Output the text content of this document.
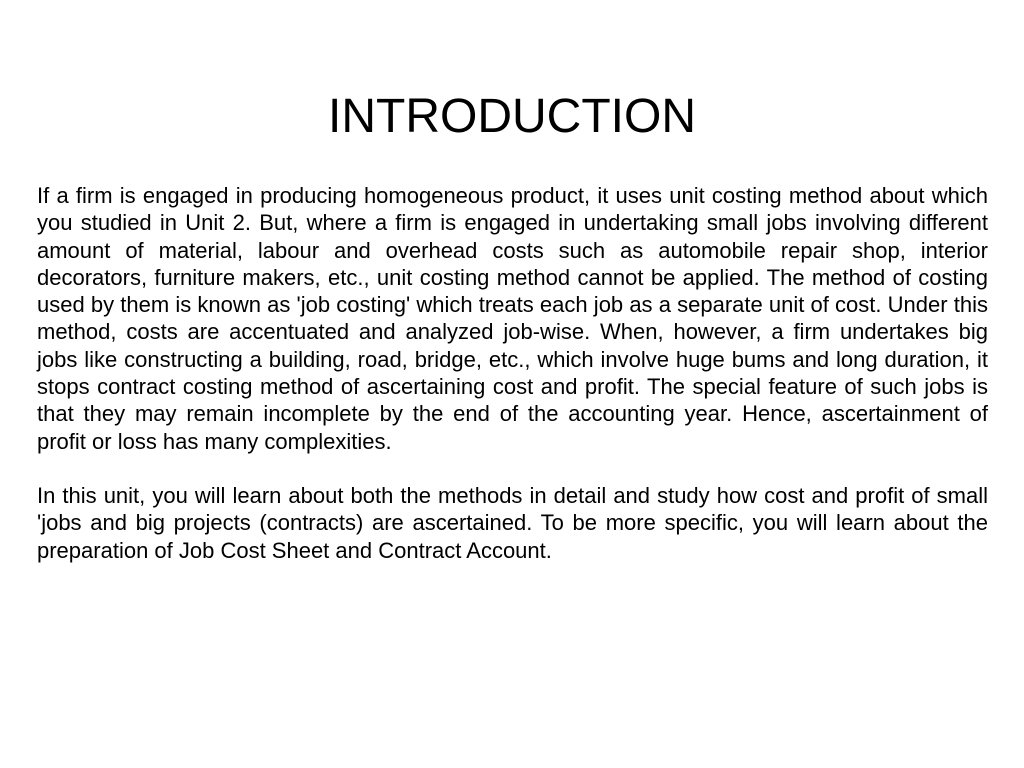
INTRODUCTION

If a firm is engaged in producing homogeneous product, it uses unit costing method about which you studied in Unit 2. But, where a firm is engaged in undertaking small jobs involving different amount of material, labour and overhead costs such as automobile repair shop, interior decorators, furniture makers, etc., unit costing method cannot be applied. The method of costing used by them is known as 'job costing' which treats each job as a separate unit of cost. Under this method, costs are accentuated and analyzed job-wise. When, however, a firm undertakes big jobs like constructing a building, road, bridge, etc., which involve huge bums and long duration, it stops contract costing method of ascertaining cost and profit. The special feature of such jobs is that they may remain incomplete by the end of the accounting year. Hence, ascertainment of profit or loss has many complexities.

In this unit, you will learn about both the methods in detail and study how cost and profit of small 'jobs and big projects (contracts) are ascertained. To be more specific, you will learn about the preparation of Job Cost Sheet and Contract Account.
